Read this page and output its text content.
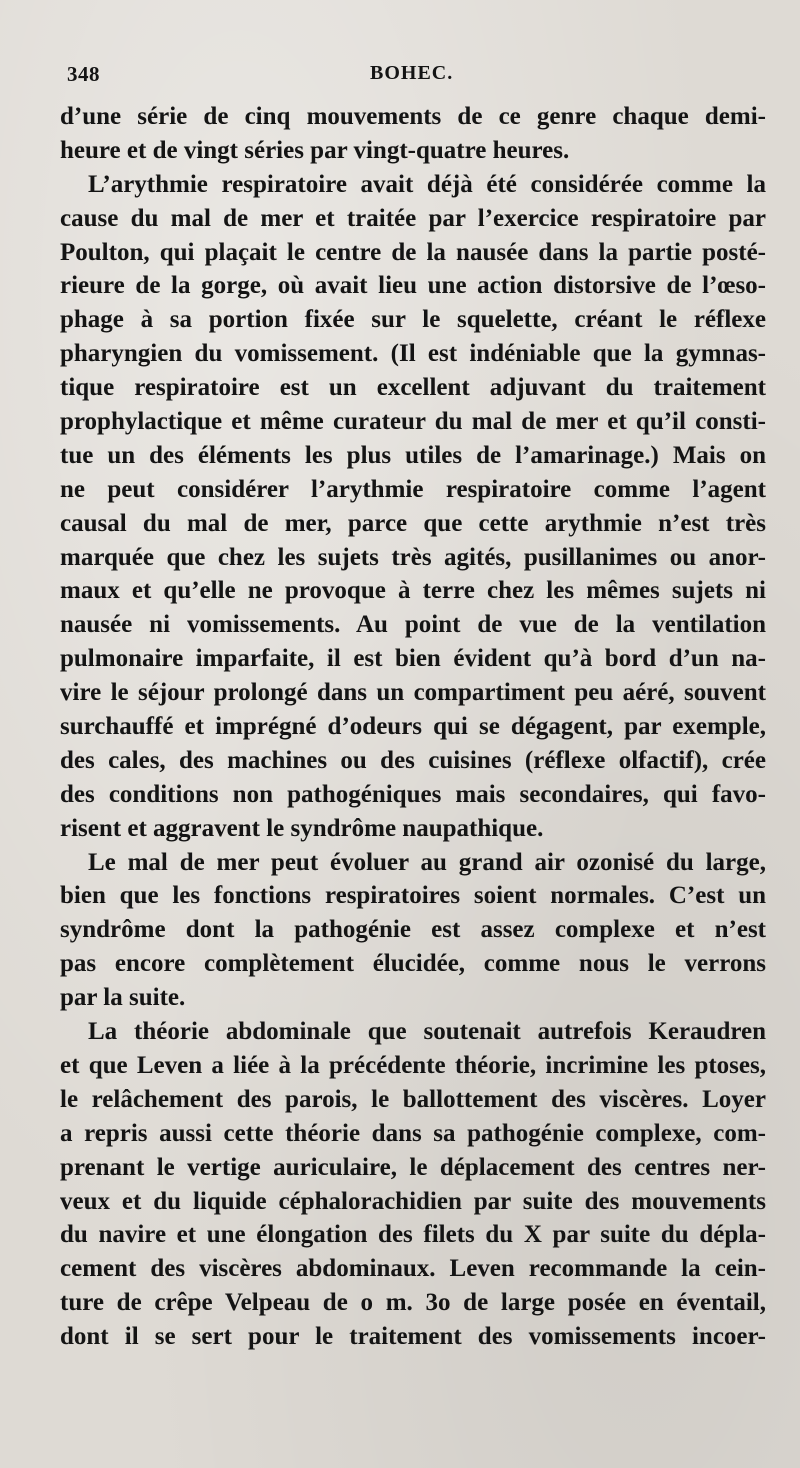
348	BOHEC.
d’une série de cinq mouvements de ce genre chaque demi-
heure et de vingt séries par vingt-quatre heures.
L’arythmie respiratoire avait déjà été considérée comme la
cause du mal de mer et traitée par l’exercice respiratoire par
Poulton, qui plaçait le centre de la nausée dans la partie posté-
rieure de la gorge, où avait lieu une action distorsive de l’œso-
phage à sa portion fixée sur le squelette, créant le réflexe
pharyngien du vomissement. (Il est indéniable que la gymnas-
tique respiratoire est un excellent adjuvant du traitement
prophylactique et même curateur du mal de mer et qu’il consti-
tue un des éléments les plus utiles de l’amarinage.) Mais on
ne peut considérer l’arythmie respiratoire comme l’agent
causal du mal de mer, parce que cette arythmie n’est très
marquée que chez les sujets très agités, pusillanimes ou anor-
maux et qu’elle ne provoque à terre chez les mêmes sujets ni
nausée ni vomissements. Au point de vue de la ventilation
pulmonaire imparfaite, il est bien évident qu’à bord d’un na-
vire le séjour prolongé dans un compartiment peu aéré, souvent
surchauffé et imprégné d’odeurs qui se dégagent, par exemple,
des cales, des machines ou des cuisines (réflexe olfactif), crée
des conditions non pathogéniques mais secondaires, qui favo-
risent et aggravent le syndrôme naupathique.
Le mal de mer peut évoluer au grand air ozonisé du large,
bien que les fonctions respiratoires soient normales. C’est un
syndrôme dont la pathogénie est assez complexe et n’est
pas encore complètement élucidée, comme nous le verrons
par la suite.
La théorie abdominale que soutenait autrefois Keraudren
et que Leven a liée à la précédente théorie, incrimine les ptoses,
le relâchement des parois, le ballottement des viscères. Loyer
a repris aussi cette théorie dans sa pathogénie complexe, com-
prenant le vertige auriculaire, le déplacement des centres ner-
veux et du liquide céphalorachidien par suite des mouvements
du navire et une élongation des filets du X par suite du dépla-
cement des viscères abdominaux. Leven recommande la cein-
ture de crêpe Velpeau de o m. 3o de large posée en éventail,
dont il se sert pour le traitement des vomissements incoer-
